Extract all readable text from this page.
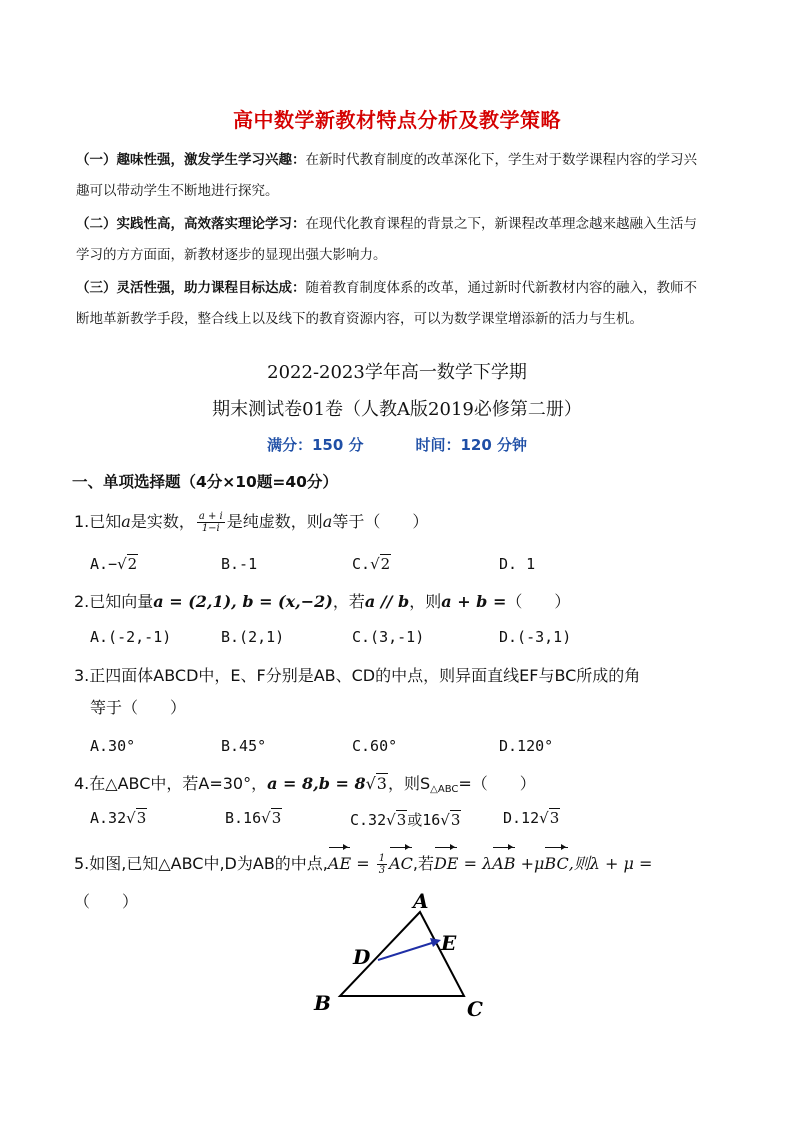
高中数学新教材特点分析及教学策略
（一）趣味性强，激发学生学习兴趣：在新时代教育制度的改革深化下，学生对于数学课程内容的学习兴
趣可以带动学生不断地进行探究。
（二）实践性高，高效落实理论学习：在现代化教育课程的背景之下，新课程改革理念越来越融入生活与
学习的方方面面，新教材逐步的显现出强大影响力。
（三）灵活性强，助力课程目标达成：随着教育制度体系的改革，通过新时代新教材内容的融入，教师不
断地革新教学手段，整合线上以及线下的教育资源内容，可以为数学课堂增添新的活力与生机。
2022-2023学年高一数学下学期
期末测试卷01卷（人教A版2019必修第二册）
满分：150 分	时间：120 分钟
一、单项选择题（4分×10题=40分）
1.已知a是实数， $\frac{a + i}{1-i}$ 是纯虚数，则a等于（　　）
A.−√2	B.-1	C.√2	D. 1
2.已知向量a = (2,1), b = (x,−2)，若a // b，则a + b =（　　）
A.(-2,-1)	B.(2,1)	C.(3,-1)	D.(-3,1)
3.正四面体ABCD中，E、F分别是AB、CD的中点，则异面直线EF与BC所成的角
等于（　　）
A.30°	B.45°	C.60°	D.120°
4.在△ABC中，若A=30°，a = 8,b = 8√3，则$S_{\triangle ABC}=$（　　）
A.32√3	B.16√3	C.32√3或16√3	D.12√3
5.如图,已知△ABC中,D为AB的中点$,AE = \frac{1}{3}$ AC,若DE = λAB +μBC,则λ + μ =
（　　）	A
B	C
D
E
